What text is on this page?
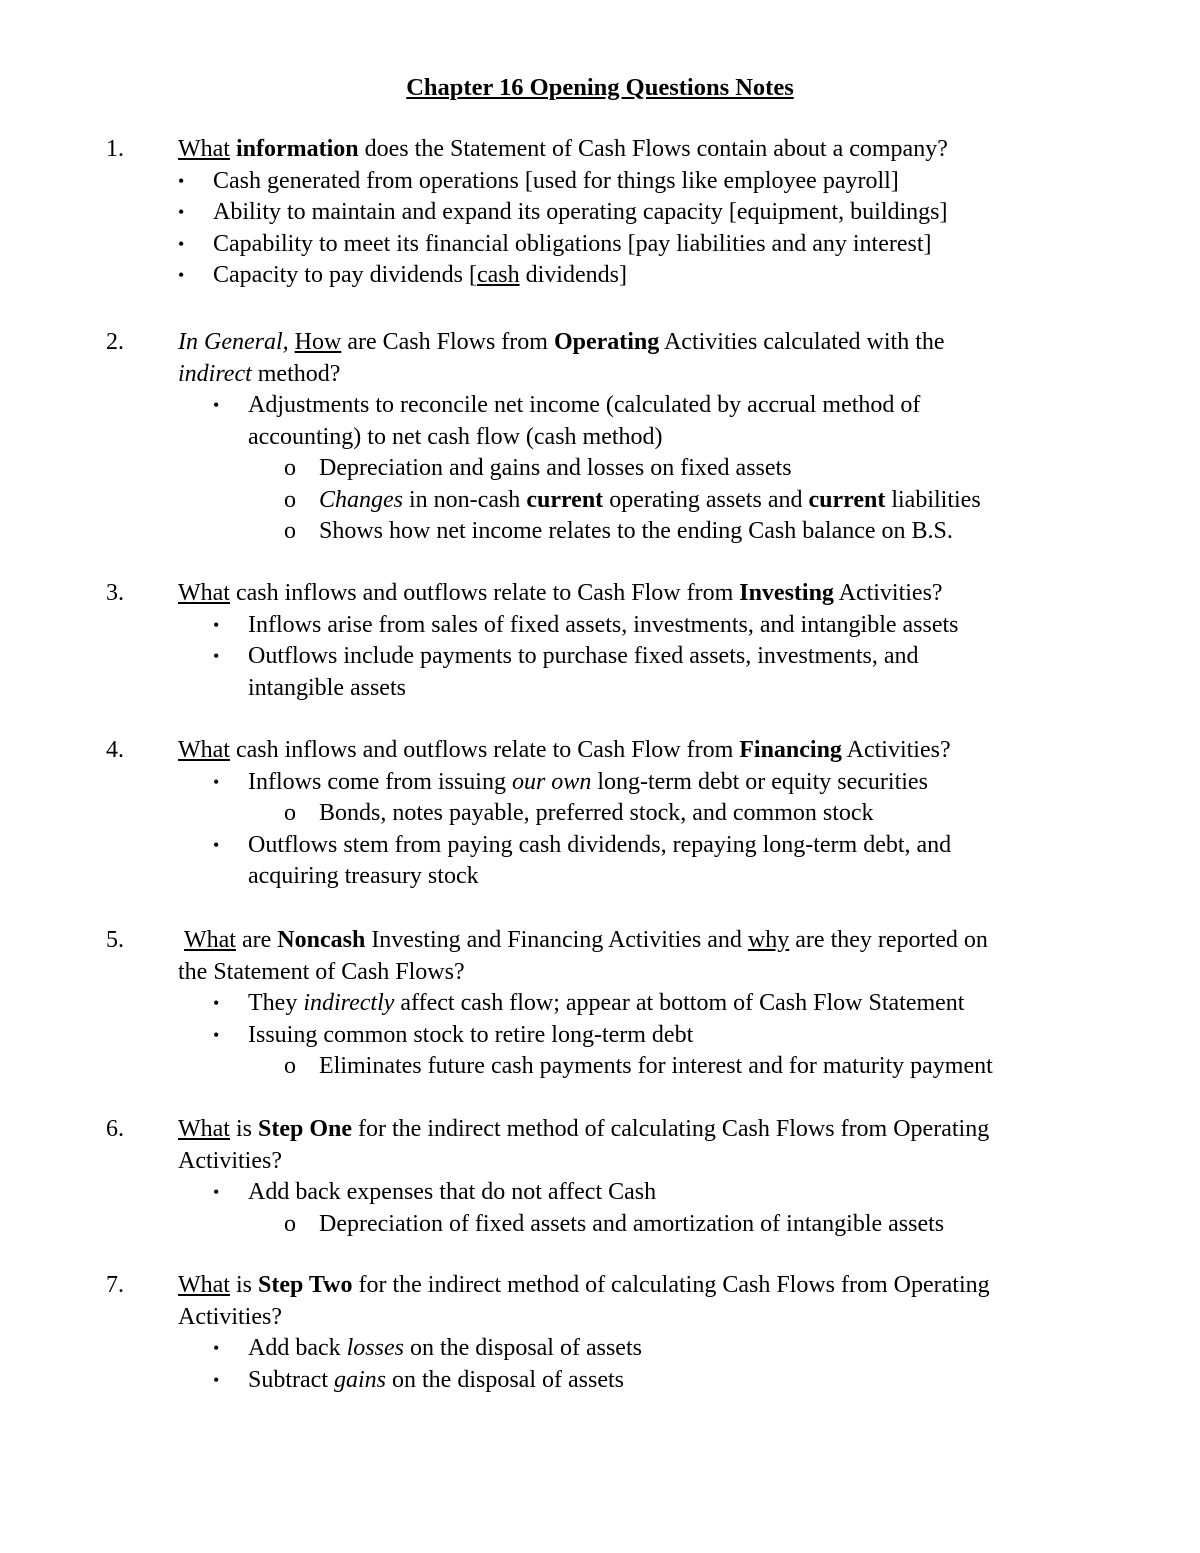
Chapter 16 Opening Questions Notes
1. What information does the Statement of Cash Flows contain about a company?
• Cash generated from operations [used for things like employee payroll]
• Ability to maintain and expand its operating capacity [equipment, buildings]
• Capability to meet its financial obligations [pay liabilities and any interest]
• Capacity to pay dividends [cash dividends]
2. In General, How are Cash Flows from Operating Activities calculated with the
indirect method?
• Adjustments to reconcile net income (calculated by accrual method of
accounting) to net cash flow (cash method)
o Depreciation and gains and losses on fixed assets
o Changes in non-cash current operating assets and current liabilities
o Shows how net income relates to the ending Cash balance on B.S.
3. What cash inflows and outflows relate to Cash Flow from Investing Activities?
• Inflows arise from sales of fixed assets, investments, and intangible assets
• Outflows include payments to purchase fixed assets, investments, and
intangible assets
4. What cash inflows and outflows relate to Cash Flow from Financing Activities?
• Inflows come from issuing our own long-term debt or equity securities
o Bonds, notes payable, preferred stock, and common stock
• Outflows stem from paying cash dividends, repaying long-term debt, and
acquiring treasury stock
5.	What are Noncash Investing and Financing Activities and why are they reported on
the Statement of Cash Flows?
• They indirectly affect cash flow; appear at bottom of Cash Flow Statement
• Issuing common stock to retire long-term debt
o Eliminates future cash payments for interest and for maturity payment
6. What is Step One for the indirect method of calculating Cash Flows from Operating
Activities?
• Add back expenses that do not affect Cash
o Depreciation of fixed assets and amortization of intangible assets
7. What is Step Two for the indirect method of calculating Cash Flows from Operating
Activities?
• Add back losses on the disposal of assets
• Subtract gains on the disposal of assets
